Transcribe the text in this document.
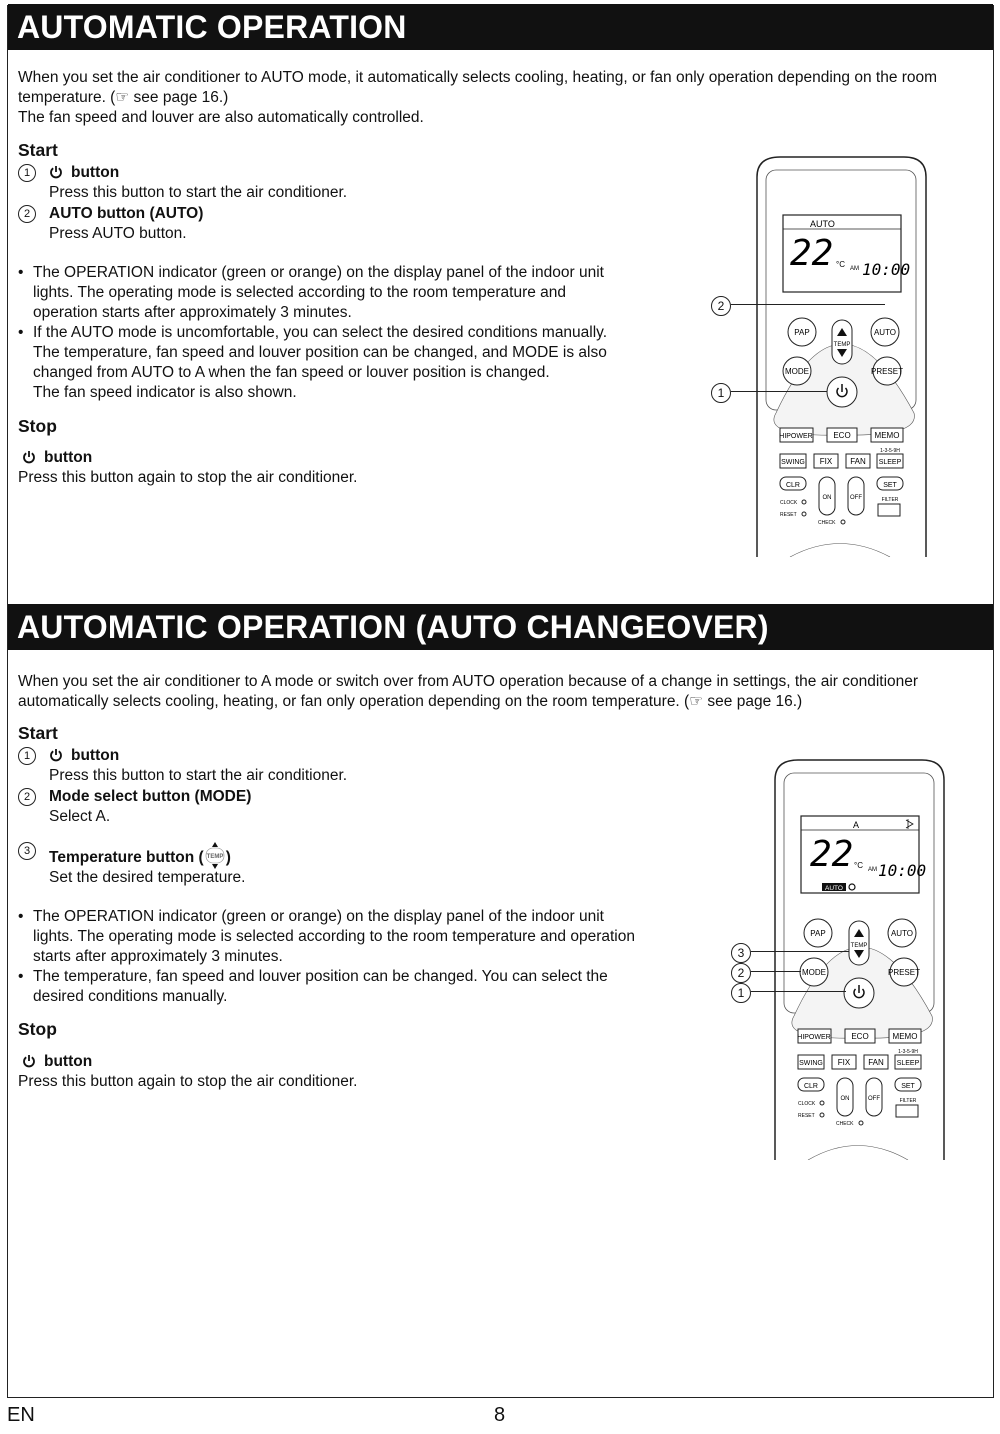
AUTOMATIC OPERATION

When you set the air conditioner to AUTO mode, it automatically selects cooling, heating, or fan only operation depending on the room

temperature. (☞ see page 16.)

The fan speed and louver are also automatically controlled.

Start

1	button
Press this button to start the air conditioner.
2	AUTO button (AUTO)
Press AUTO button.
• The OPERATION indicator (green or orange) on the display panel of the indoor unit
lights. The operating mode is selected according to the room temperature and
operation starts after approximately 3 minutes.
• If the AUTO mode is uncomfortable, you can select the desired conditions manually.
The temperature, fan speed and louver position can be changed, and MODE is also
changed from AUTO to A when the fan speed or louver position is changed.
The fan speed indicator is also shown.

Stop

button

Press this button again to stop the air conditioner.

AUTO
22 °C AM 10:00
PAP
TEMP
AUTO
MODE	PRESET
HIPOWER	ECO	MEMO
1-3-5-9H
SWING FIX FAN SLEEP
CLR
ON	OFF
SET
FILTER
CLOCK
RESET
CHECK
2
1
AUTOMATIC OPERATION (AUTO CHANGEOVER)

When you set the air conditioner to A mode or switch over from AUTO operation because of a change in settings, the air conditioner

automatically selects cooling, heating, or fan only operation depending on the room temperature. (☞ see page 16.)

Start

1	button
Press this button to start the air conditioner.
2	Mode select button (MODE)
Select A.
3	Temperature button ( TEMP )
Set the desired temperature.
• The OPERATION indicator (green or orange) on the display panel of the indoor unit
lights. The operating mode is selected according to the room temperature and operation
starts after approximately 3 minutes.
• The temperature, fan speed and louver position can be changed. You can select the
desired conditions manually.

Stop

button

Press this button again to stop the air conditioner.

A
22 °C AM 10:00
AUTO
PAP
TEMP
AUTO
MODE	PRESET
HIPOWER	ECO	MEMO
1-3-5-9H
SWING FIX FAN SLEEP
CLR
ON	OFF
SET
FILTER
CLOCK
RESET
CHECK
3
2
1
EN	8
